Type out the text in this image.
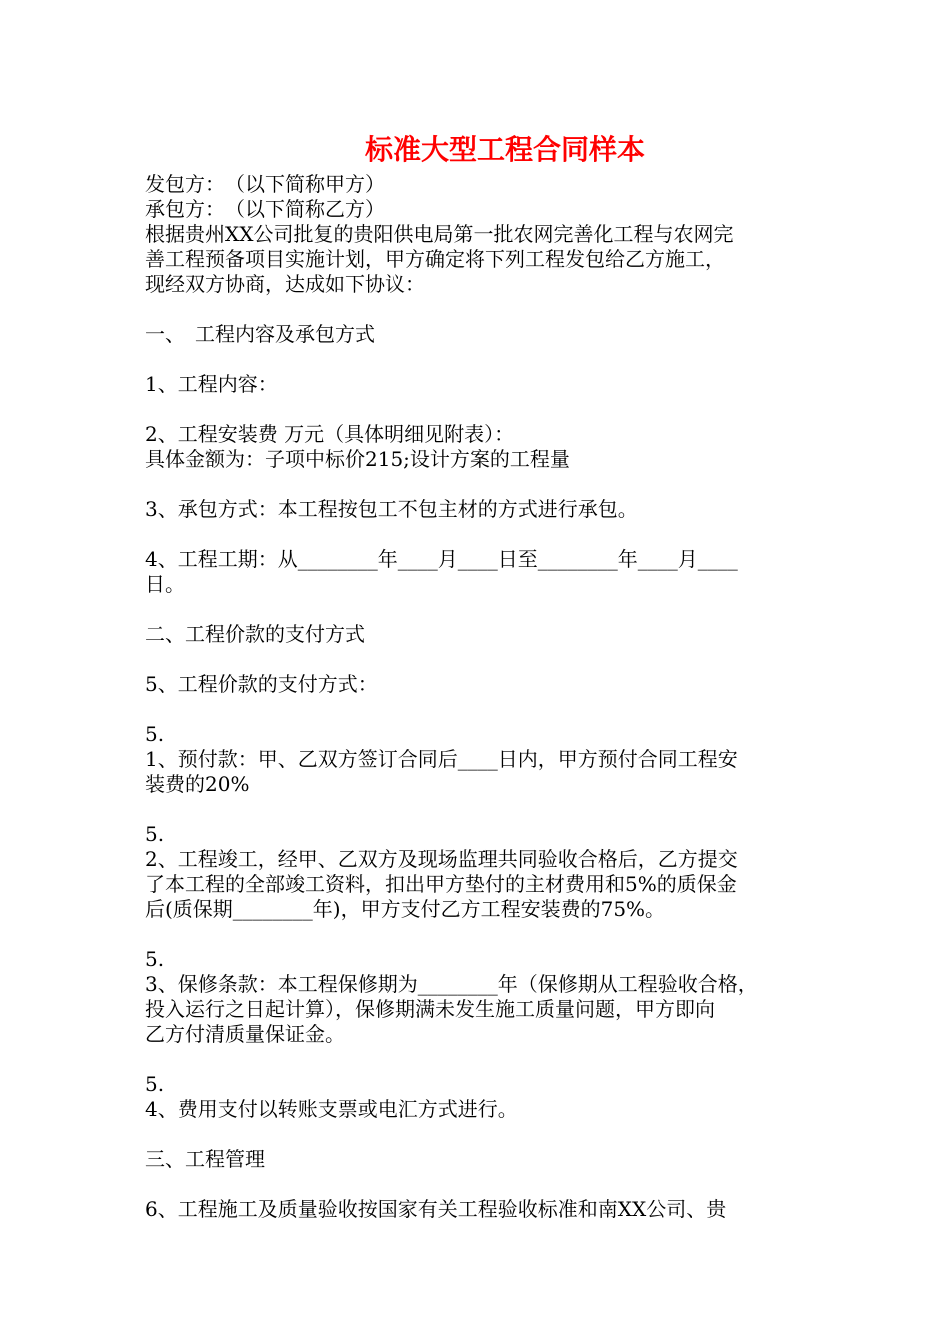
标准大型工程合同样本
发包方：　（以下简称甲方）
承包方：　（以下简称乙方）
根据贵州XX公司批复的贵阳供电局第一批农网完善化工程与农网完
善工程预备项目实施计划，甲方确定将下列工程发包给乙方施工，
现经双方协商，达成如下协议：
一、　工程内容及承包方式
1、工程内容：
2、工程安装费 万元（具体明细见附表）：
具体金额为：子项中标价215;设计方案的工程量
3、承包方式：本工程按包工不包主材的方式进行承包。
4、工程工期：从________年____月____日至________年____月____
日。
二、工程价款的支付方式
5、工程价款的支付方式：
5.
1、预付款：甲、乙双方签订合同后____日内，甲方预付合同工程安
装费的20%
5.
2、工程竣工，经甲、乙双方及现场监理共同验收合格后，乙方提交
了本工程的全部竣工资料，扣出甲方垫付的主材费用和5%的质保金
后(质保期________年)，甲方支付乙方工程安装费的75%。
5.
3、保修条款：本工程保修期为________年（保修期从工程验收合格，
投入运行之日起计算），保修期满未发生施工质量问题，甲方即向
乙方付清质量保证金。
5.
4、费用支付以转账支票或电汇方式进行。
三、工程管理
6、工程施工及质量验收按国家有关工程验收标准和南XX公司、贵
